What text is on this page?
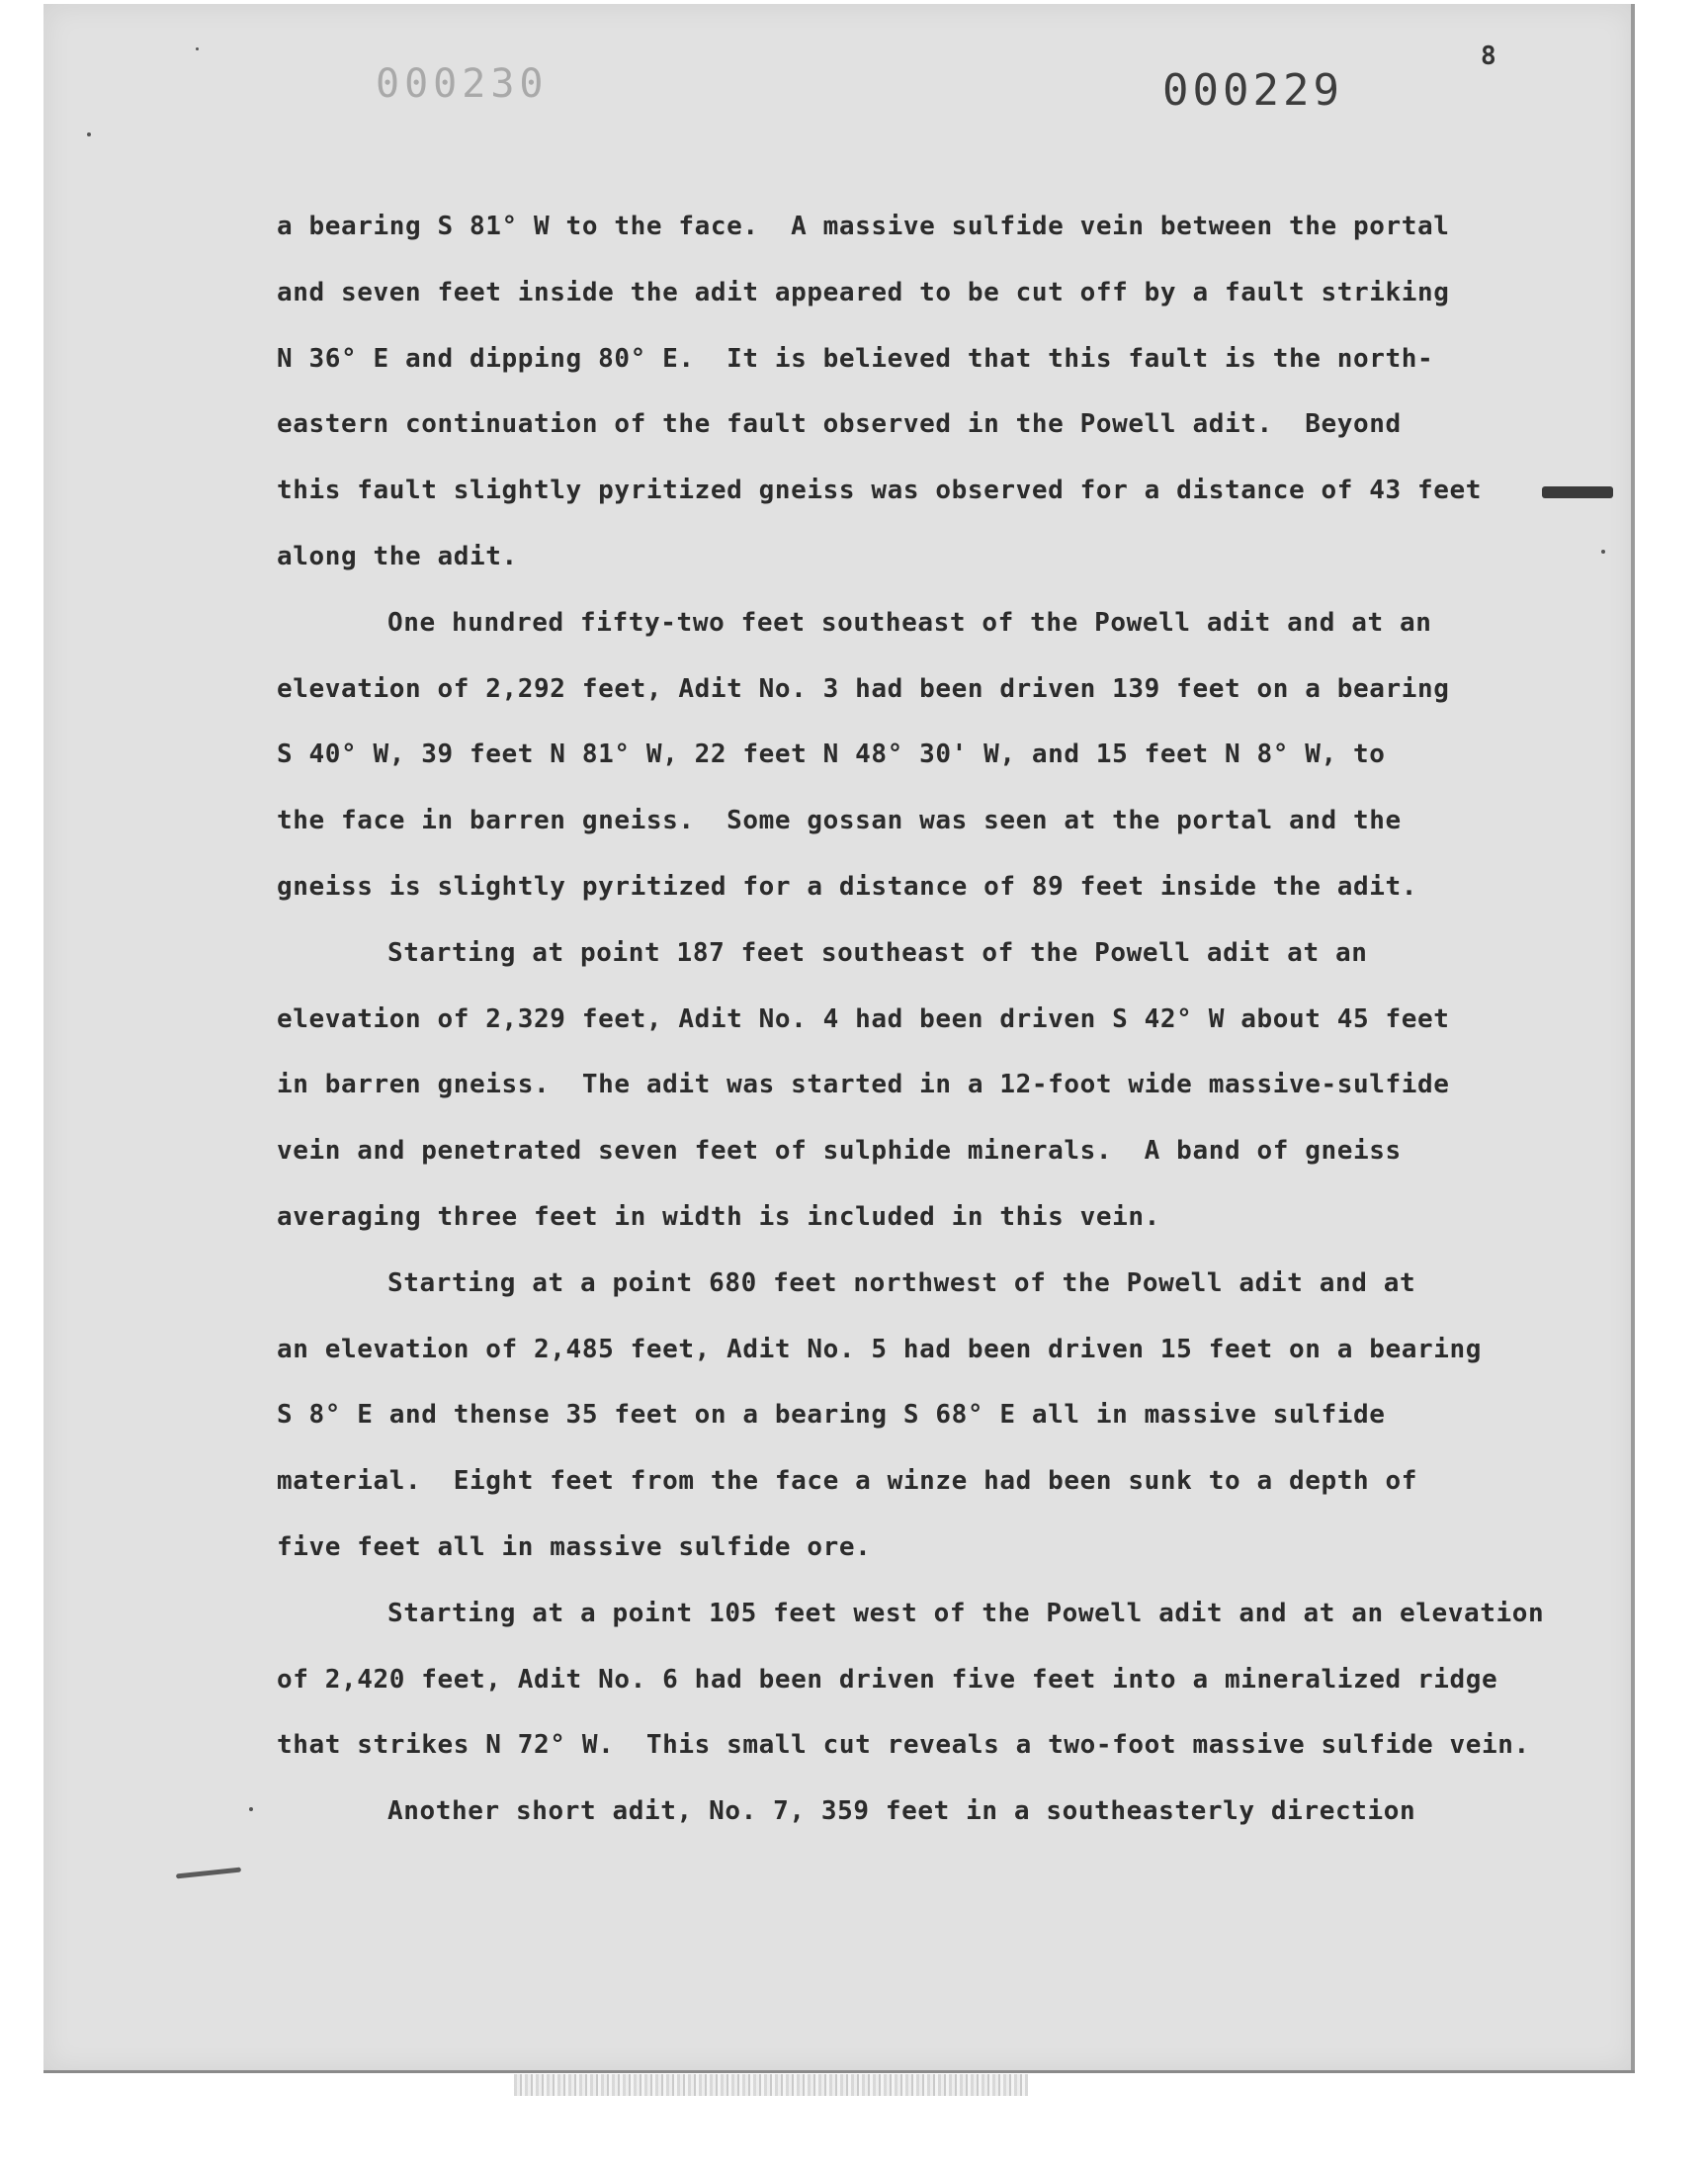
000230	000229
8
a bearing S 81° W to the face.  A massive sulfide vein between the portal
and seven feet inside the adit appeared to be cut off by a fault striking
N 36° E and dipping 80° E.  It is believed that this fault is the north-
eastern continuation of the fault observed in the Powell adit.  Beyond
this fault slightly pyritized gneiss was observed for a distance of 43 feet
along the adit.
One hundred fifty-two feet southeast of the Powell adit and at an
elevation of 2,292 feet, Adit No. 3 had been driven 139 feet on a bearing
S 40° W, 39 feet N 81° W, 22 feet N 48° 30' W, and 15 feet N 8° W, to
the face in barren gneiss.  Some gossan was seen at the portal and the
gneiss is slightly pyritized for a distance of 89 feet inside the adit.
Starting at point 187 feet southeast of the Powell adit at an
elevation of 2,329 feet, Adit No. 4 had been driven S 42° W about 45 feet
in barren gneiss.  The adit was started in a 12-foot wide massive-sulfide
vein and penetrated seven feet of sulphide minerals.  A band of gneiss
averaging three feet in width is included in this vein.
Starting at a point 680 feet northwest of the Powell adit and at
an elevation of 2,485 feet, Adit No. 5 had been driven 15 feet on a bearing
S 8° E and thense 35 feet on a bearing S 68° E all in massive sulfide
material.  Eight feet from the face a winze had been sunk to a depth of
five feet all in massive sulfide ore.
Starting at a point 105 feet west of the Powell adit and at an elevation
of 2,420 feet, Adit No. 6 had been driven five feet into a mineralized ridge
that strikes N 72° W.  This small cut reveals a two-foot massive sulfide vein.
Another short adit, No. 7, 359 feet in a southeasterly direction
